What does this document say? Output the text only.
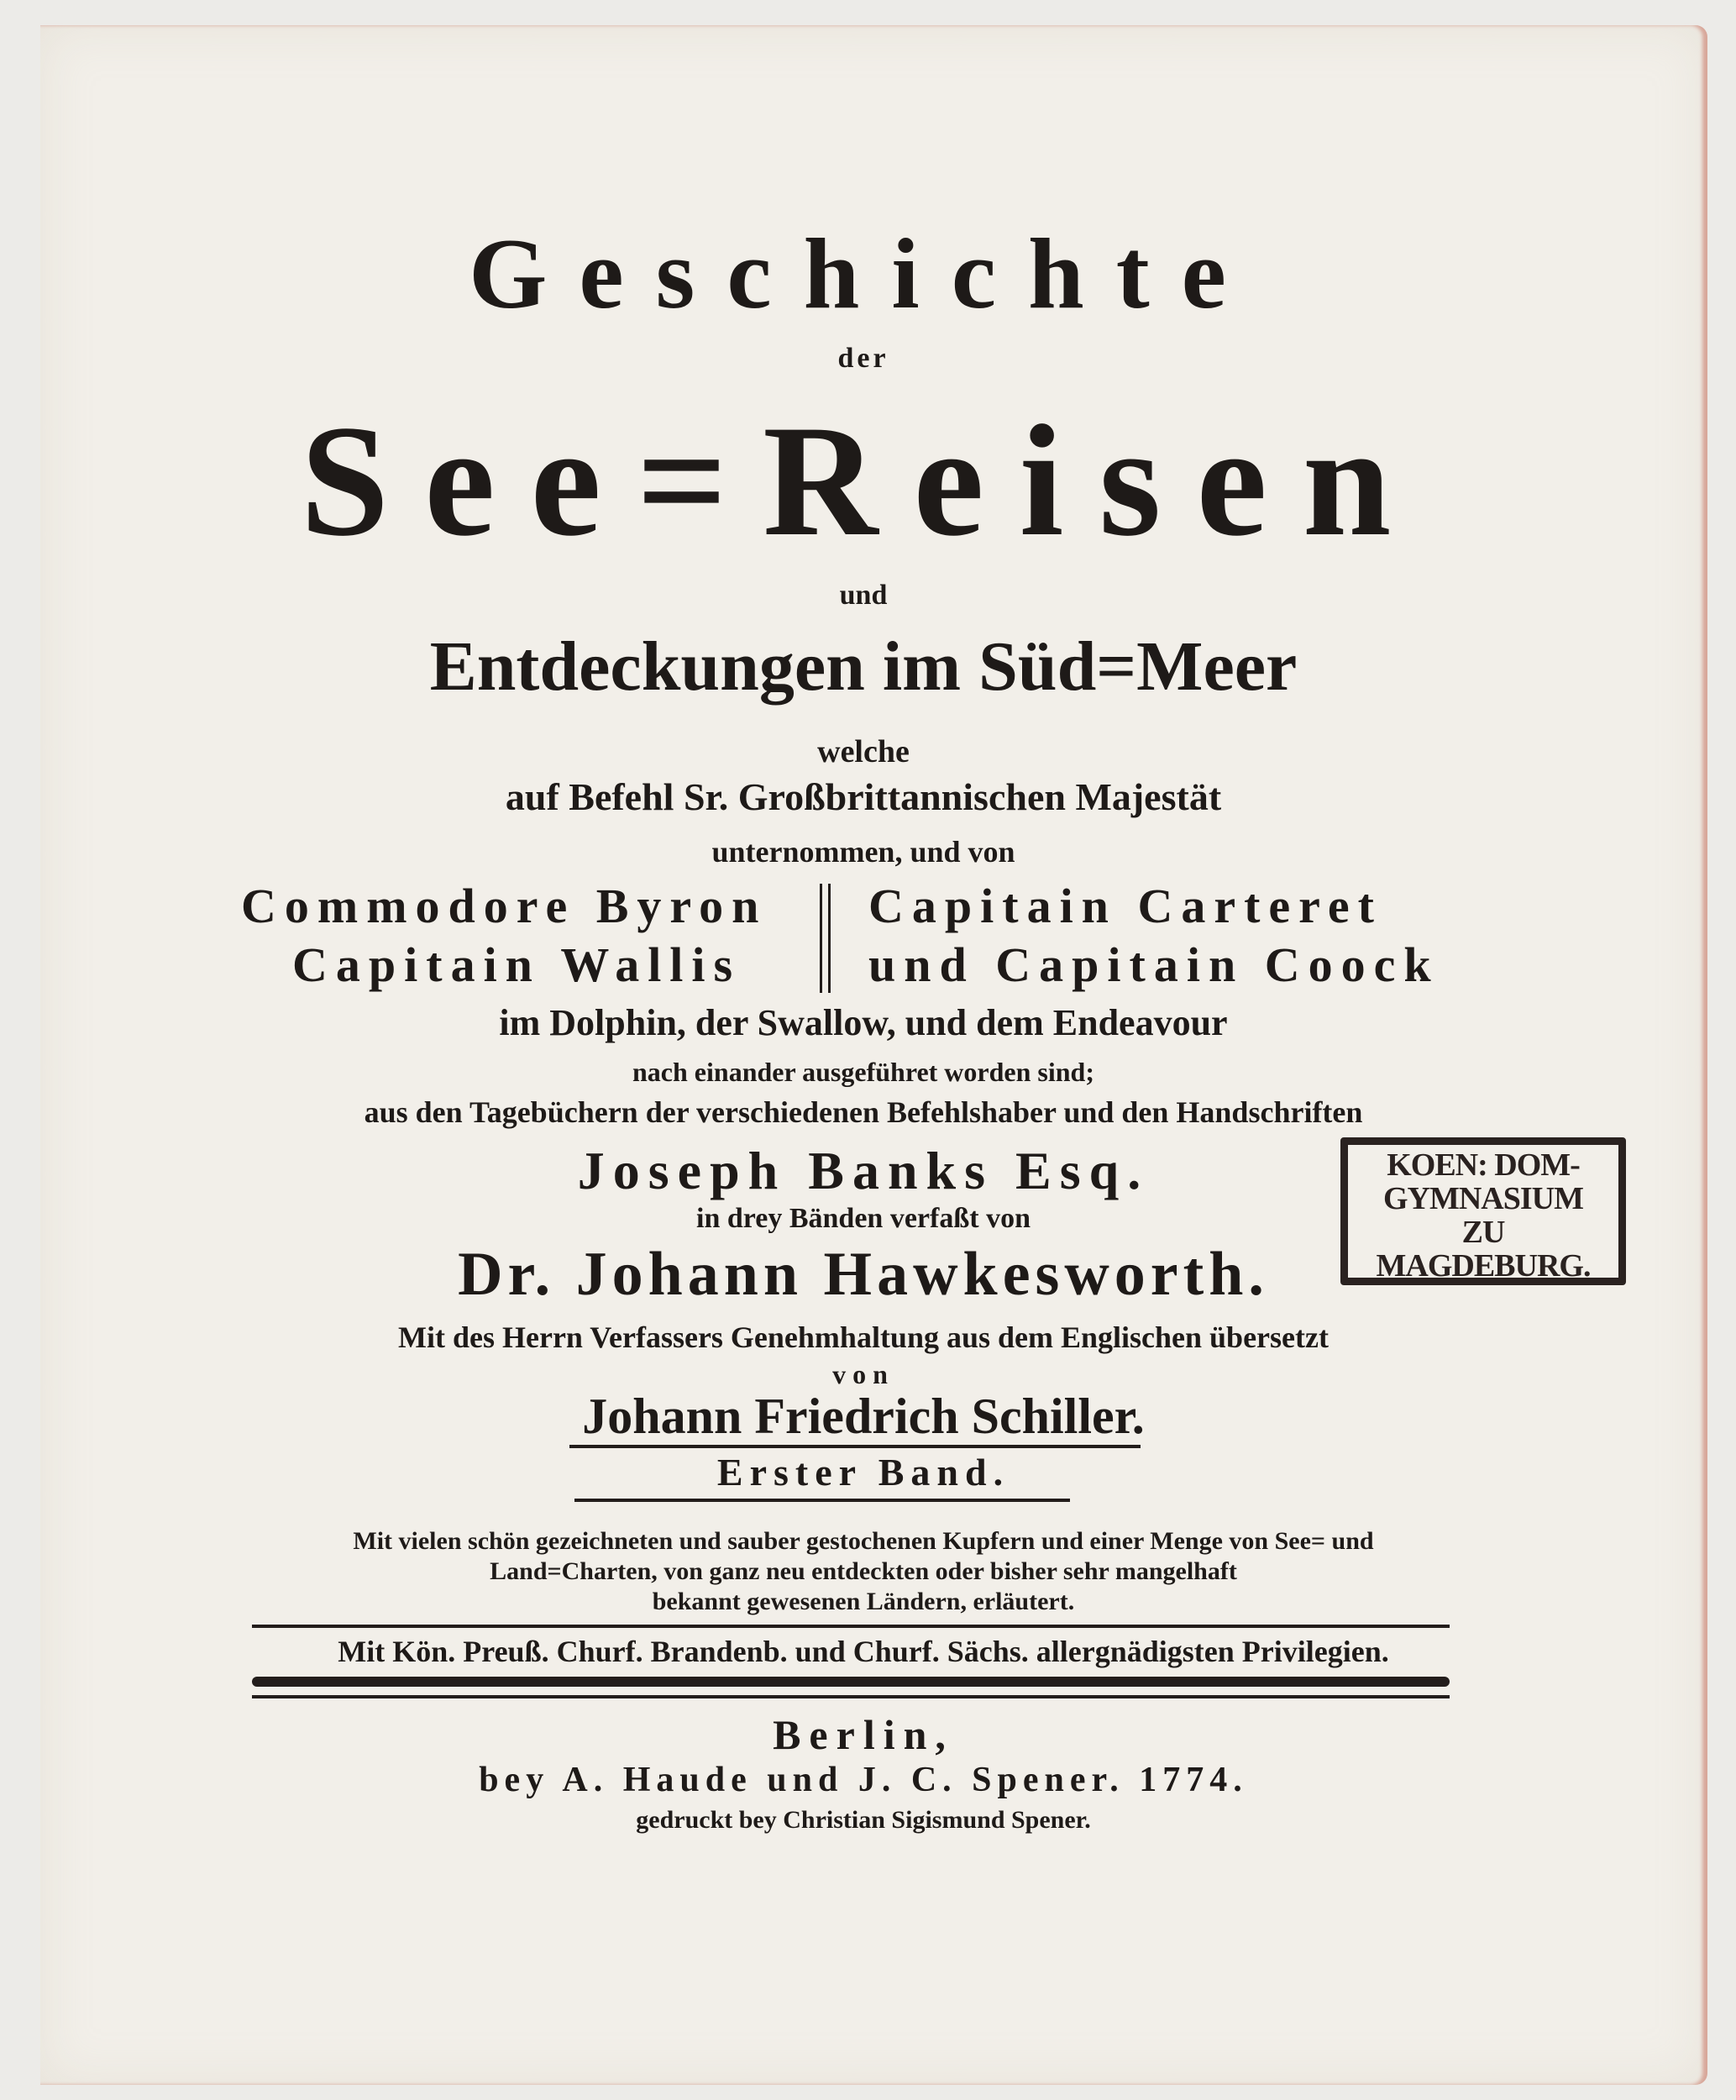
Geschichte
der
See=Reisen
und
Entdeckungen im Süd=Meer
welche
auf Befehl Sr. Großbrittannischen Majestät
unternommen, und von
Commodore Byron Capitain Carteret
Capitain Wallis	und Capitain Coock
im Dolphin, der Swallow, und dem Endeavour
nach einander ausgeführet worden sind;
aus den Tagebüchern der verschiedenen Befehlshaber und den Handschriften
Joseph Banks Esq.
in drey Bänden verfaßt von
Dr. Johann Hawkesworth.
Mit des Herrn Verfassers Genehmhaltung aus dem Englischen übersetzt
von
Johann Friedrich Schiller.
Erster Band.
Mit vielen schön gezeichneten und sauber gestochenen Kupfern und einer Menge von See= und
Land=Charten, von ganz neu entdeckten oder bisher sehr mangelhaft
bekannt gewesenen Ländern, erläutert.
Mit Kön. Preuß. Churf. Brandenb. und Churf. Sächs. allergnädigsten Privilegien.
Berlin,
bey A. Haude und J. C. Spener. 1774.
gedruckt bey Christian Sigismund Spener.
KOEN: DOM-
GYMNASIUM
ZU
MAGDEBURG.
